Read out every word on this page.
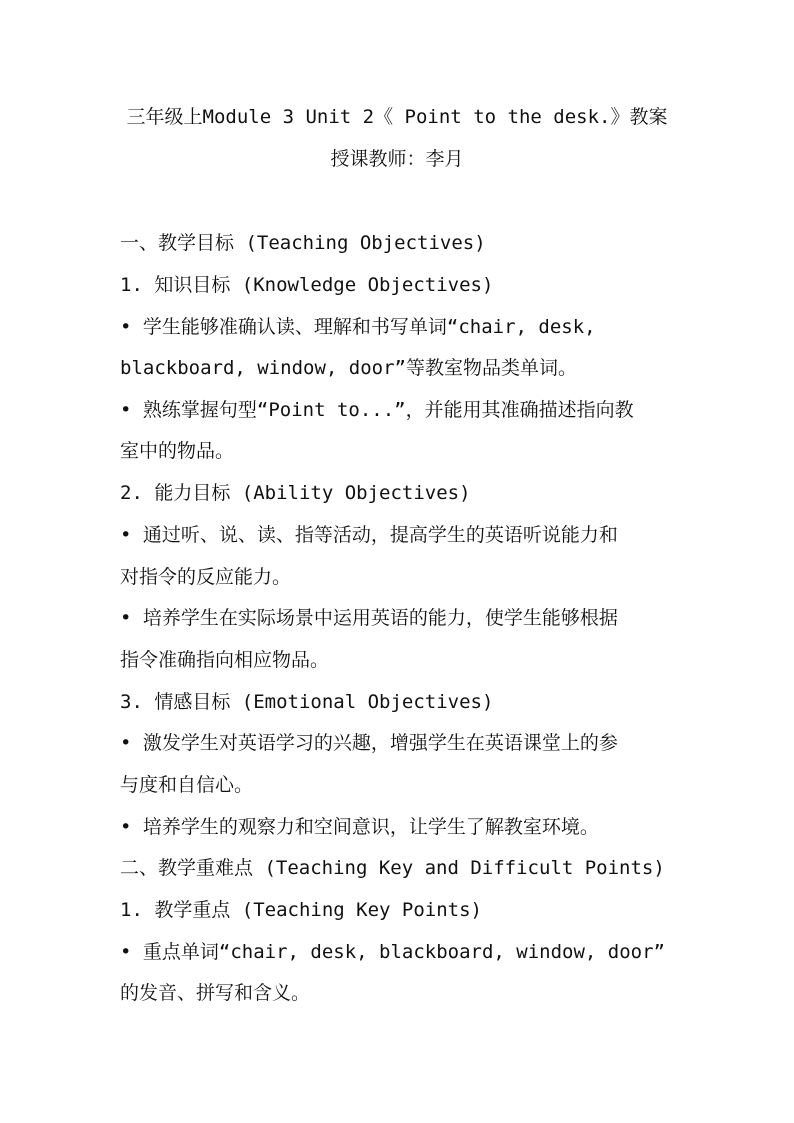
三年级上Module 3 Unit 2《 Point to the desk.》教案
授课教师：李月
一、教学目标 (Teaching Objectives)
1. 知识目标 (Knowledge Objectives)
• 学生能够准确认读、理解和书写单词“chair, desk,
blackboard, window, door”等教室物品类单词。
• 熟练掌握句型“Point to...”，并能用其准确描述指向教
室中的物品。
2. 能力目标 (Ability Objectives)
• 通过听、说、读、指等活动，提高学生的英语听说能力和
对指令的反应能力。
• 培养学生在实际场景中运用英语的能力，使学生能够根据
指令准确指向相应物品。
3. 情感目标 (Emotional Objectives)
• 激发学生对英语学习的兴趣，增强学生在英语课堂上的参
与度和自信心。
• 培养学生的观察力和空间意识，让学生了解教室环境。
二、教学重难点 (Teaching Key and Difficult Points)
1. 教学重点 (Teaching Key Points)
• 重点单词“chair, desk, blackboard, window, door”
的发音、拼写和含义。
